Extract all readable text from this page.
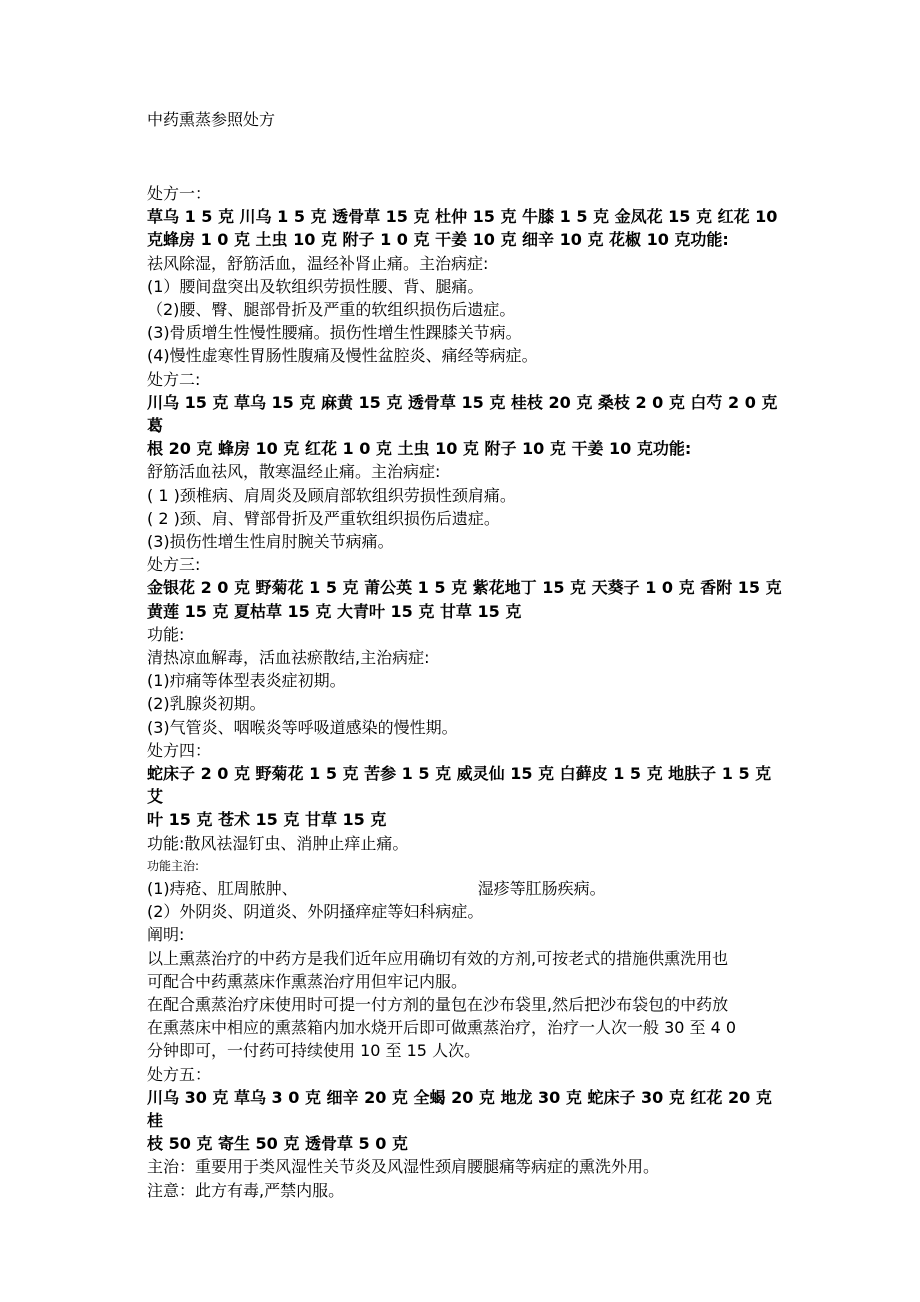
中药熏蒸参照处方

处方一：

草乌 1 5 克 川乌 1 5 克 透骨草 15 克 杜仲 15 克 牛膝 1 5 克 金凤花 15 克 红花 10

克蜂房 1 0 克 土虫 10 克 附子 1 0 克 干姜 10 克 细辛 10 克 花椒 10 克功能:

祛风除湿，舒筋活血，温经补肾止痛。主治病症:

(1）腰间盘突出及软组织劳损性腰、背、腿痛。

（2)腰、臀、腿部骨折及严重的软组织损伤后遗症。

(3)骨质增生性慢性腰痛。损伤性增生性踝膝关节病。

(4)慢性虚寒性胃肠性腹痛及慢性盆腔炎、痛经等病症。

处方二:

川乌 15 克 草乌 15 克 麻黄 15 克 透骨草 15 克 桂枝 20 克 桑枝 2 0 克 白芍 2 0 克葛

根 20 克 蜂房 10 克 红花 1 0 克 土虫 10 克 附子 10 克 干姜 10 克功能:

舒筋活血祛风，散寒温经止痛。主治病症:

( 1 )颈椎病、肩周炎及顾肩部软组织劳损性颈肩痛。

( 2 )颈、肩、臂部骨折及严重软组织损伤后遗症。

(3)损伤性增生性肩肘腕关节病痛。

处方三:

金银花 2 0 克 野菊花 1 5 克 莆公英 1 5 克 紫花地丁 15 克 天葵子 1 0 克 香附 15 克

黄莲 15 克 夏枯草 15 克 大青叶 15 克 甘草 15 克

功能:

清热凉血解毒，活血祛瘀散结,主治病症:

(1)疖痛等体型表炎症初期。

(2)乳腺炎初期。

(3)气管炎、咽喉炎等呼吸道感染的慢性期。

处方四：

蛇床子 2 0 克 野菊花 1 5 克 苦参 1 5 克 威灵仙 15 克 白藓皮 1 5 克 地肤子 1 5 克艾

叶 15 克 苍术 15 克 甘草 15 克

功能:散风祛湿钉虫、消肿止痒止痛。

功能主治:

(1)痔疮、肛周脓肿、	湿疹等肛肠疾病。

(2）外阴炎、阴道炎、外阴搔痒症等妇科病症。

阐明:

以上熏蒸治疗的中药方是我们近年应用确切有效的方剂,可按老式的措施供熏洗用也

可配合中药熏蒸床作熏蒸治疗用但牢记内服。

在配合熏蒸治疗床使用时可提一付方剂的量包在沙布袋里,然后把沙布袋包的中药放

在熏蒸床中相应的熏蒸箱内加水烧开后即可做熏蒸治疗，治疗一人次一般 30 至 4 0

分钟即可，一付药可持续使用 10 至 15 人次。

处方五：

川乌 30 克 草乌 3 0 克 细辛 20 克 全蝎 20 克 地龙 30 克 蛇床子 30 克 红花 20 克桂

枝 50 克 寄生 50 克 透骨草 5 0 克

主治：重要用于类风湿性关节炎及风湿性颈肩腰腿痛等病症的熏洗外用。

注意：此方有毒,严禁内服。
